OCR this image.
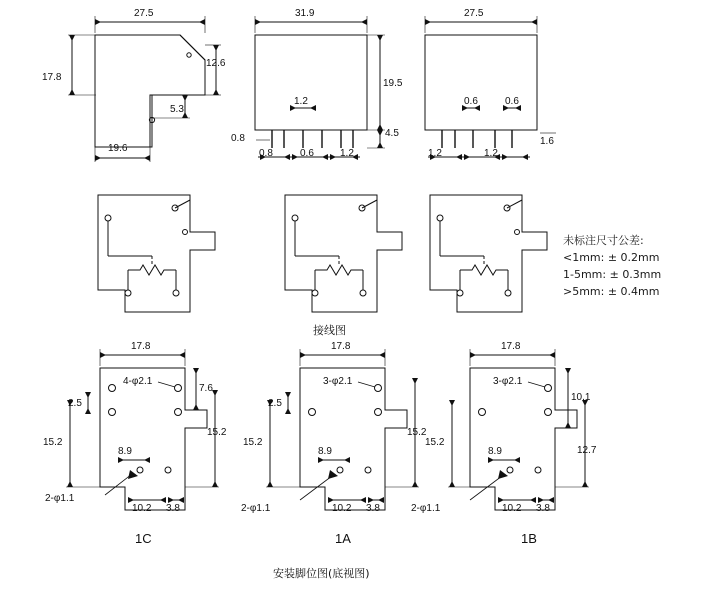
27.5
12.6
17.8
5.3
19.6
31.9
19.5
1.2
4.5
0.8
0.8	0.6	1.2
27.5
0.6	0.6
1.6
1.2	1.2
接线图
未标注尺寸公差:
<1mm: ± 0.2mm
1-5mm: ± 0.3mm
>5mm: ± 0.4mm
17.8
4-φ2.1
7.6
15.2
2.5
15.2
8.9
2-φ1.1
10.2 3.8
1C
17.8
3-φ2.1
15.2
2.5
15.2
8.9
2-φ1.1	10.2 3.8
1A
17.8
3-φ2.1
10.1
12.7
15.2
8.9
2-φ1.1	10.2 3.8
1B
安装脚位图(底视图)
